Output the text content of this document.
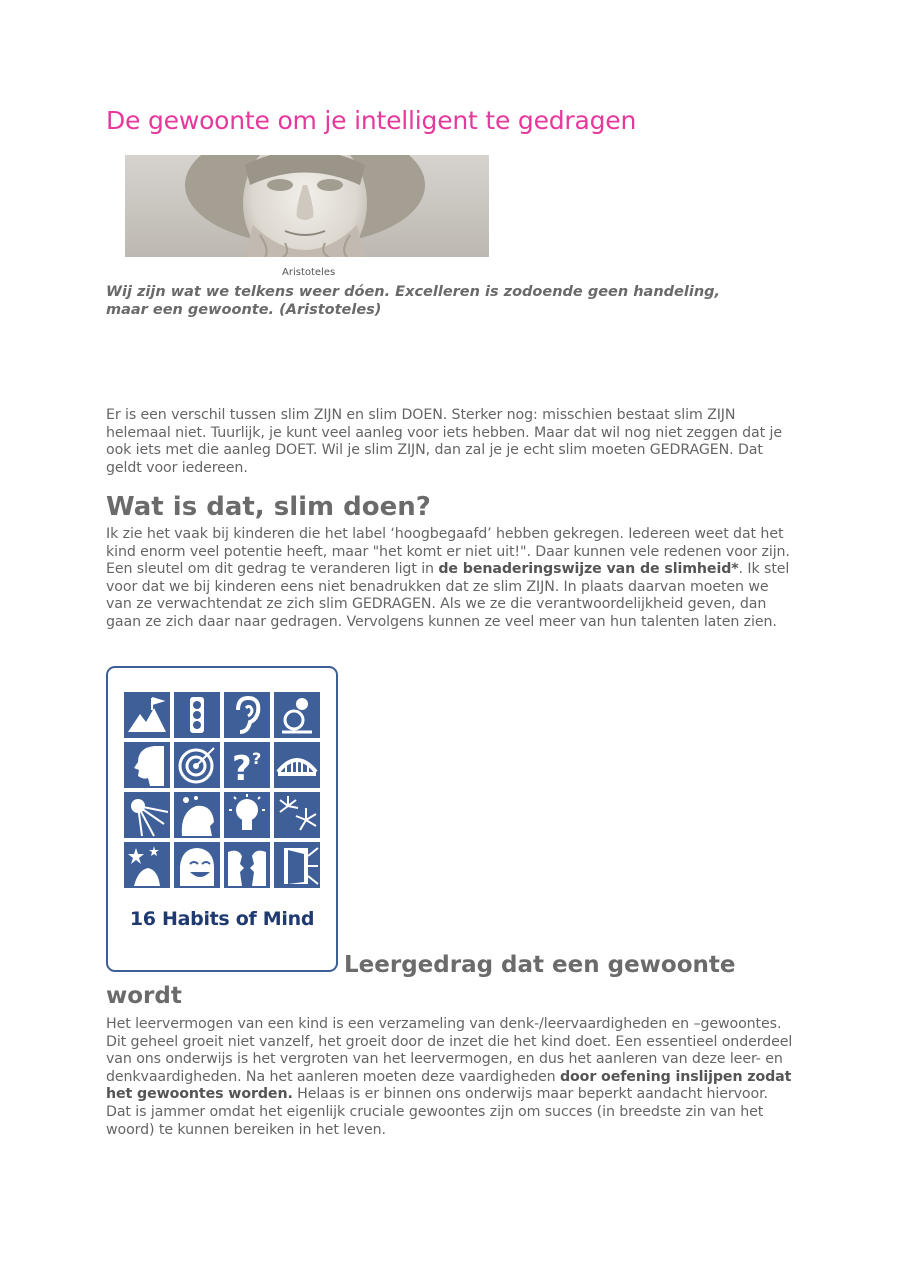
De gewoonte om je intelligent te gedragen
Aristoteles

Wij zijn wat we telkens weer dóen. Excelleren is zodoende geen handeling, maar een gewoonte. (Aristoteles)

Er is een verschil tussen slim ZIJN en slim DOEN. Sterker nog: misschien bestaat slim ZIJN helemaal niet. Tuurlijk, je kunt veel aanleg voor iets hebben. Maar dat wil nog niet zeggen dat je ook iets met die aanleg DOET. Wil je slim ZIJN, dan zal je je echt slim moeten GEDRAGEN. Dat geldt voor iedereen.

Wat is dat, slim doen?

Ik zie het vaak bij kinderen die het label ‘hoogbegaafd’ hebben gekregen. Iedereen weet dat het kind enorm veel potentie heeft, maar "het komt er niet uit!". Daar kunnen vele redenen voor zijn. Een sleutel om dit gedrag te veranderen ligt in de benaderingswijze van de slimheid*. Ik stel voor dat we bij kinderen eens niet benadrukken dat ze slim ZIJN. In plaats daarvan moeten we van ze verwachtendat ze zich slim GEDRAGEN. Als we ze die verantwoordelijkheid geven, dan gaan ze zich daar naar gedragen. Vervolgens kunnen ze veel meer van hun talenten laten zien.

? ?
16 Habits of Mind
Leergedrag dat een gewoonte
wordt

Het leervermogen van een kind is een verzameling van denk-/leervaardigheden en –gewoontes. Dit geheel groeit niet vanzelf, het groeit door de inzet die het kind doet. Een essentieel onderdeel van ons onderwijs is het vergroten van het leervermogen, en dus het aanleren van deze leer- en denkvaardigheden. Na het aanleren moeten deze vaardigheden door oefening inslijpen zodat het gewoontes worden. Helaas is er binnen ons onderwijs maar beperkt aandacht hiervoor. Dat is jammer omdat het eigenlijk cruciale gewoontes zijn om succes (in breedste zin van het woord) te kunnen bereiken in het leven.
